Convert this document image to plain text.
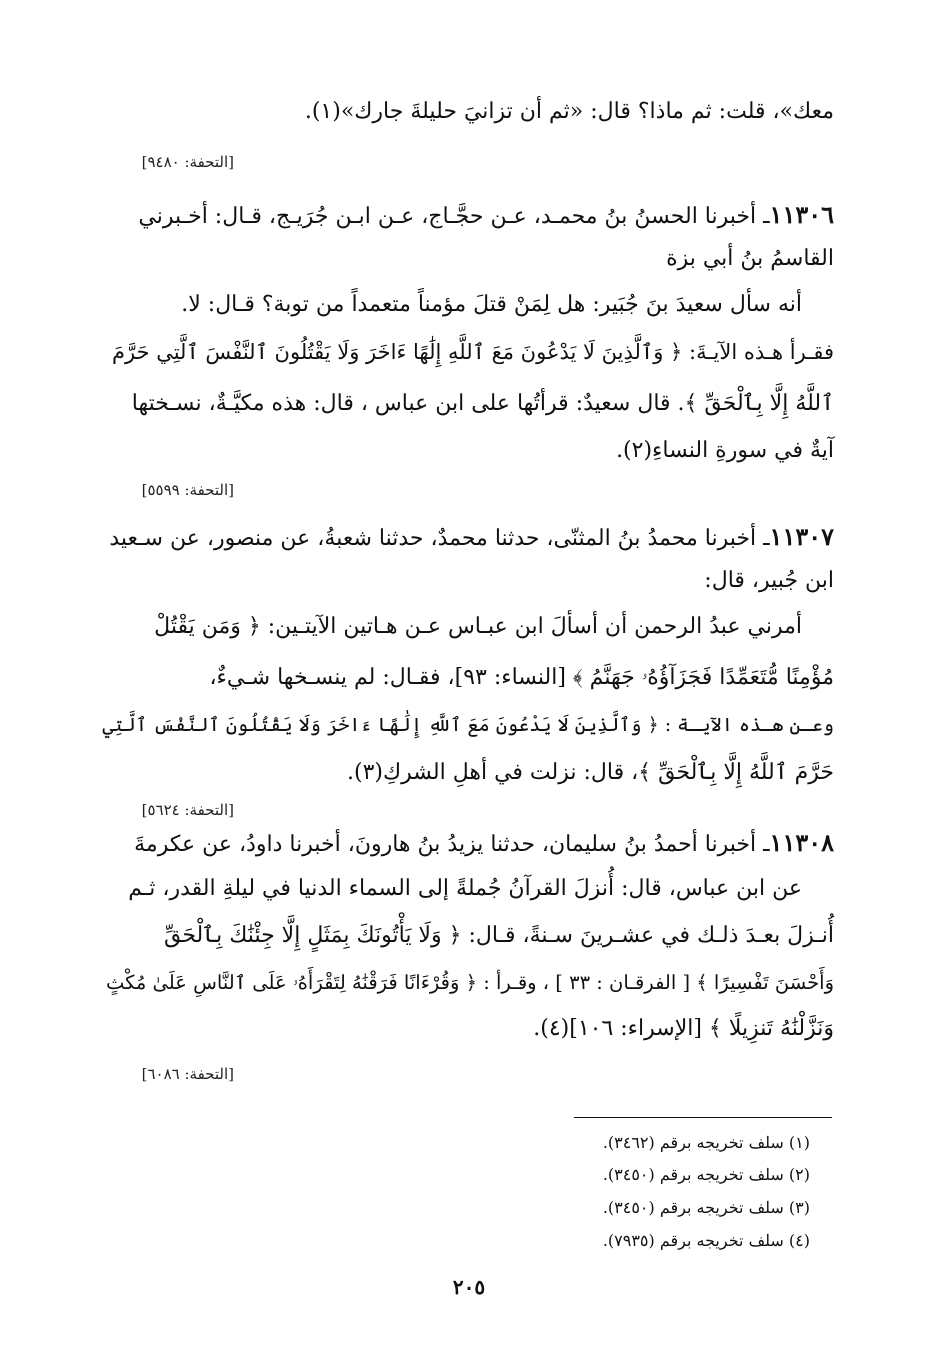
معك»، قلت: ثم ماذا؟ قال: «ثم أن تزانيَ حليلةَ جارك»(١).
[التحفة: ٩٤٨٠]
١١٣٠٦ـ أخبرنا الحسنُ بنُ محمـد، عـن حجَّـاج، عـن ابـن جُرَيـج، قـال: أخـبرني
القاسمُ بنُ أبي بزة
أنه سأل سعيدَ بنَ جُبَير: هل لِمَنْ قتلَ مؤمناً متعمداً من توبة؟ قـال: لا.
فقـرأ هـذه الآيـةَ: ﴿ وَٱلَّذِينَ لَا يَدْعُونَ مَعَ ٱللَّهِ إِلَٰهًا ءَاخَرَ وَلَا يَقْتُلُونَ ٱلنَّفْسَ ٱلَّتِي حَرَّمَ
ٱللَّهُ إِلَّا بِٱلْحَقِّ ﴾. قال سعيدٌ: قرأتُها على ابن عباس ، قال: هذه مكيَّـةٌ، نسـختها
آيةٌ في سورةِ النساءِ(٢).
[التحفة: ٥٥٩٩]
١١٣٠٧ـ أخبرنا محمدُ بنُ المثنّى، حدثنا محمدٌ، حدثنا شعبةُ، عن منصور، عن سـعيد
ابن جُبير، قال:
أمرني عبدُ الرحمن أن أسألَ ابن عبـاس عـن هـاتين الآيتـين: ﴿ وَمَن يَقْتُلْ
مُؤْمِنًا مُّتَعَمِّدًا فَجَزَآؤُهُۥ جَهَنَّمُ ﴾ [النساء: ٩٣]، فقـال: لم ينسـخها شـيءٌ،
وعـن هـذه الآيـة : ﴿ وَٱلَّذِينَ لَا يَدْعُونَ مَعَ ٱللَّهِ إِلَٰهًا ءَاخَرَ وَلَا يَقْتُلُونَ ٱلنَّفْسَ ٱلَّتِي
حَرَّمَ ٱللَّهُ إِلَّا بِٱلْحَقِّ ﴾، قال: نزلت في أهلِ الشركِ(٣).
[التحفة: ٥٦٢٤]
١١٣٠٨ـ أخبرنا أحمدُ بنُ سليمان، حدثنا يزيدُ بنُ هارونَ، أخبرنا داودُ، عن عكرمةَ
عن ابن عباس، قال: أُنزلَ القرآنُ جُملةً إلى السماء الدنيا في ليلةِ القدر، ثـم
أُنـزلَ بعـدَ ذلـك في عشـرينَ سـنةً، قـال: ﴿ وَلَا يَأْتُونَكَ بِمَثَلٍ إِلَّا جِئْنَٰكَ بِٱلْحَقِّ
وَأَحْسَنَ تَفْسِيرًا ﴾ [ الفرقـان : ٣٣ ] ، وقـرأ : ﴿ وَقُرْءَانًا فَرَقْنَٰهُ لِتَقْرَأَهُۥ عَلَى ٱلنَّاسِ عَلَىٰ مُكْثٍ
وَنَزَّلْنَٰهُ تَنزِيلًا ﴾ [الإسراء: ١٠٦](٤).
[التحفة: ٦٠٨٦]
(١) سلف تخريجه برقم (٣٤٦٢).
(٢) سلف تخريجه برقم (٣٤٥٠).
(٣) سلف تخريجه برقم (٣٤٥٠).
(٤) سلف تخريجه برقم (٧٩٣٥).
٢٠٥
